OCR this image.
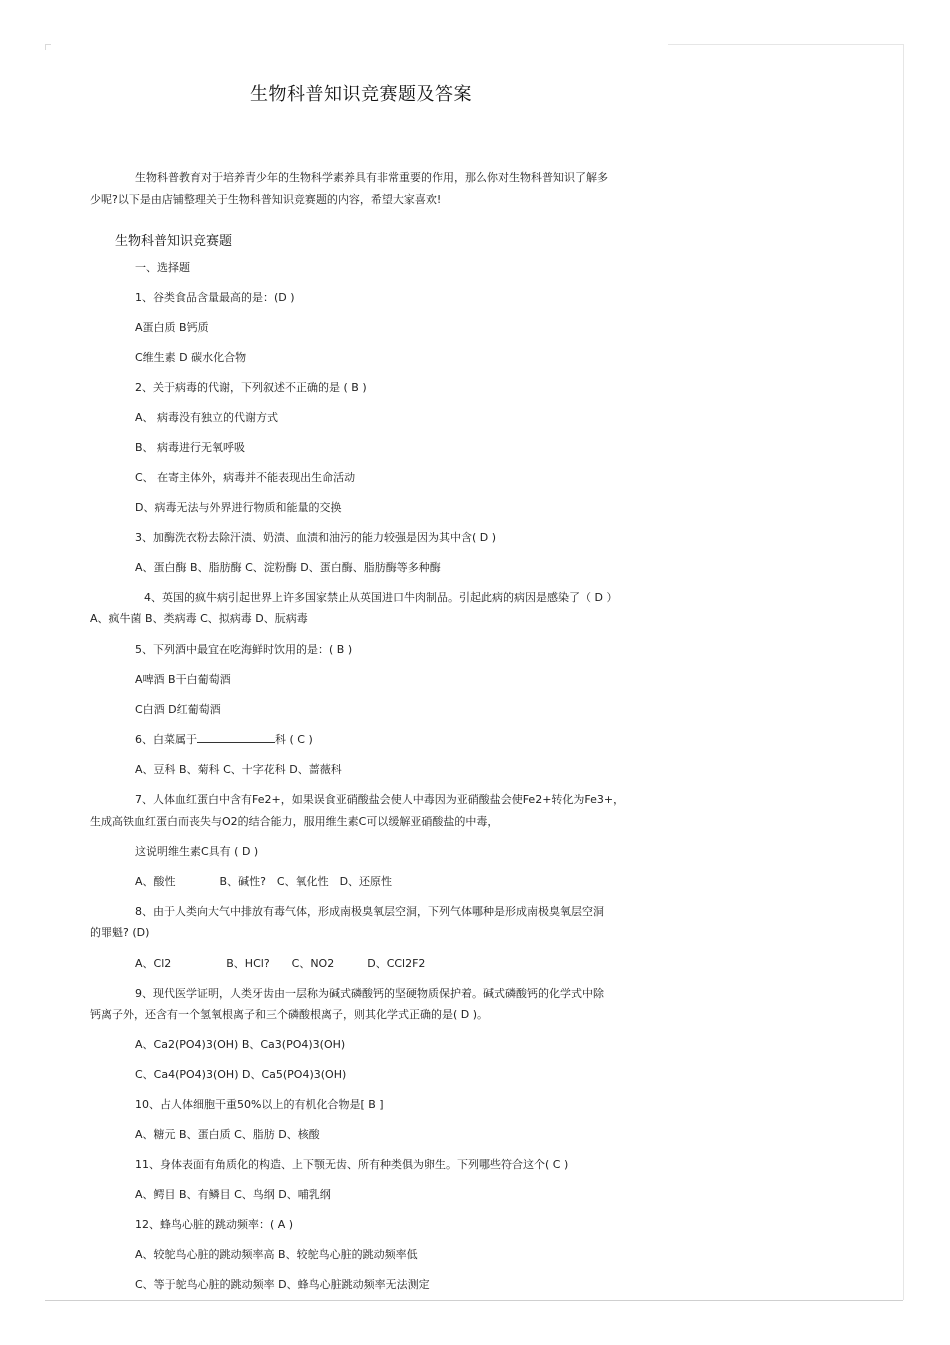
生物科普知识竞赛题及答案
生物科普教育对于培养青少年的生物科学素养具有非常重要的作用，那么你对生物科普知识了解多
少呢?以下是由店铺整理关于生物科普知识竞赛题的内容，希望大家喜欢!
生物科普知识竞赛题
一、选择题
1、谷类食品含量最高的是：(D )
A蛋白质 B钙质
C维生素 D 碳水化合物
2、关于病毒的代谢，下列叙述不正确的是 ( B )
A、 病毒没有独立的代谢方式
B、 病毒进行无氧呼吸
C、 在寄主体外，病毒并不能表现出生命活动
D、病毒无法与外界进行物质和能量的交换
3、加酶洗衣粉去除汗渍、奶渍、血渍和油污的能力较强是因为其中含( D )
A、蛋白酶 B、脂肪酶 C、淀粉酶 D、蛋白酶、脂肪酶等多种酶
4、英国的疯牛病引起世界上许多国家禁止从英国进口牛肉制品。引起此病的病因是感染了（ D ）
A、疯牛菌 B、类病毒 C、拟病毒 D、朊病毒
5、下列酒中最宜在吃海鲜时饮用的是：( B )
A啤酒 B干白葡萄酒
C白酒 D红葡萄酒
6、白菜属于	科 ( C )
A、豆科 B、菊科 C、十字花科 D、蔷薇科
7、人体血红蛋白中含有Fe2+，如果误食亚硝酸盐会使人中毒因为亚硝酸盐会使Fe2+转化为Fe3+，
生成高铁血红蛋白而丧失与O2的结合能力，服用维生素C可以缓解亚硝酸盐的中毒，
这说明维生素C具有 ( D )
A、酸性　　　　B、碱性?　C、氧化性　D、还原性
8、由于人类向大气中排放有毒气体，形成南极臭氧层空洞，下列气体哪种是形成南极臭氧层空洞
的罪魁? (D)
A、Cl2　　　　　B、HCl?　　C、NO2　　　D、CCl2F2
9、现代医学证明，人类牙齿由一层称为碱式磷酸钙的坚硬物质保护着。碱式磷酸钙的化学式中除
钙离子外，还含有一个氢氧根离子和三个磷酸根离子，则其化学式正确的是( D )。
A、Ca2(PO4)3(OH) B、Ca3(PO4)3(OH)
C、Ca4(PO4)3(OH) D、Ca5(PO4)3(OH)
10、占人体细胞干重50%以上的有机化合物是[ B ]
A、糖元 B、蛋白质 C、脂肪 D、核酸
11、身体表面有角质化的构造、上下颚无齿、所有种类俱为卵生。下列哪些符合这个( C )
A、鳄目 B、有鳞目 C、鸟纲 D、哺乳纲
12、蜂鸟心脏的跳动频率：( A )
A、较鸵鸟心脏的跳动频率高 B、较鸵鸟心脏的跳动频率低
C、等于鸵鸟心脏的跳动频率 D、蜂鸟心脏跳动频率无法测定
